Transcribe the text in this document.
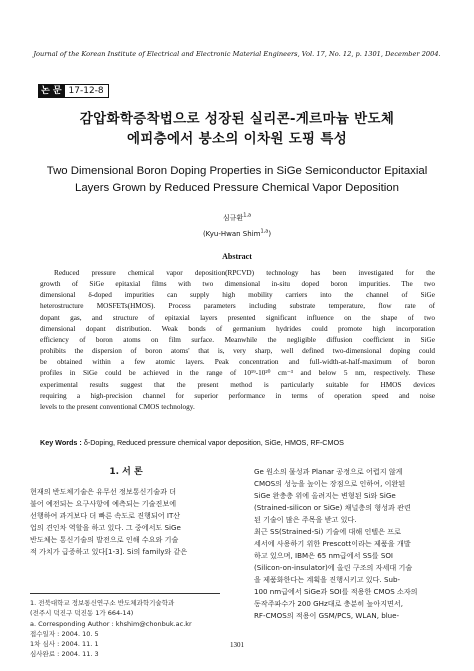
Journal of the Korean Institute of Electrical and Electronic Material Engineers, Vol. 17, No. 12, p. 1301, December 2004.
논 문 17-12-8
감압화학증착법으로 성장된 실리콘-게르마늄 반도체
에피층에서 붕소의 이차원 도핑 특성
Two Dimensional Boron Doping Properties in SiGe Semiconductor Epitaxial
Layers Grown by Reduced Pressure Chemical Vapor Deposition
심규환$^{1,a}$
(Kyu-Hwan Shim$^{1,a}$)
Abstract
Reduced pressure chemical vapor deposition(RPCVD) technology has been investigated for the
growth of SiGe epitaxial films with two dimensional in-situ doped boron impurities. The two
dimensional δ-doped impurities can supply high mobility carriers into the channel of SiGe
heterostructure MOSFETs(HMOS). Process parameters including substrate temperature, flow rate of
dopant gas, and structure of epitaxial layers presented significant influence on the shape of two
dimensional dopant distribution. Weak bonds of germanium hydrides could promote high incorporation
efficiency of boron atoms on film surface. Meanwhile the negligible diffusion coefficient in SiGe
prohibits the dispersion of boron atoms' that is, very sharp, well defined two-dimensional doping could
be obtained within a few atomic layers. Peak concentration and full-width-at-half-maximum of boron
profiles in SiGe could be achieved in the range of 10¹⁹-10²⁰ cm⁻³ and below 5 nm, respectively. These
experimental results suggest that the present method is particularly suitable for HMOS devices
requiring a high-precision channel for superior performance in terms of operation speed and noise
levels to the present conventional CMOS technology.
Key Words : δ-Doping, Reduced pressure chemical vapor deposition, SiGe, HMOS, RF-CMOS
1. 서 론
현재의 반도체기술은 유무선 정보통신기술과 더
불어 예전되는 요구사항에 예측되는 기술진보에
선행하여 과거보다 더 빠른 속도로 진행되어 IT산
업의 견인차 역할을 하고 있다. 그 중에서도 SiGe
반도체는 통신기술의 발전으로 인해 수요와 기술
적 가치가 급증하고 있다[1-3]. Si의 family와 같은
1. 전북대학교 정보통신연구소 반도체과학기술학과
(전주시 덕진구 덕진동 1가 664-14)
a. Corresponding Author : khshim@chonbuk.ac.kr
접수일자 : 2004. 10. 5
1차 심사 : 2004. 11. 1
심사완료 : 2004. 11. 3
Ge 원소의 물성과 Planar 공정으로 어렵지 않게
CMOS의 성능을 높이는 장점으로 인하여, 이완된
SiGe 완충층 위에 올려지는 변형된 Si와 SiGe
(Strained-silicon or SiGe) 채널층의 형성과 관련
된 기술이 많은 주목을 받고 있다.
최근 SS(Strained-Si) 기술에 대해 인텔은 프로
세서에 사용하기 위한 Prescott이라는 제품을 개발
하고 있으며, IBM은 65 nm급에서 SS를 SOI
(Silicon-on-insulator)에 올린 구조의 자세대 기술
을 제품화한다는 계획을 진행시키고 있다. Sub-
100 nm급에서 SiGe과 SOI를 적용한 CMOS 소자의
동작주파수가 200 GHz대로 충분히 높아지면서,
RF-CMOS의 적용이 GSM/PCS, WLAN, blue-
1301
